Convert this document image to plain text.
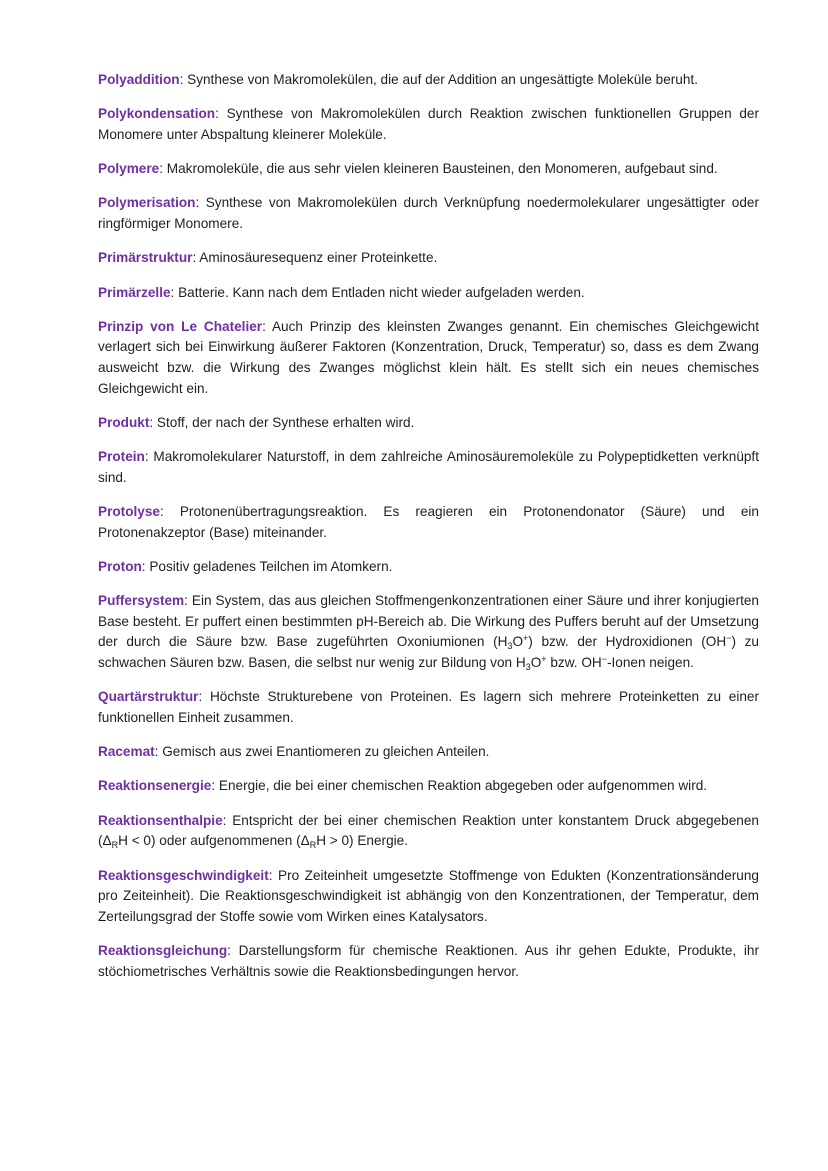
Polyaddition: Synthese von Makromolekülen, die auf der Addition an ungesättigte Moleküle beruht.

Polykondensation: Synthese von Makromolekülen durch Reaktion zwischen funktionellen Gruppen der Monomere unter Abspaltung kleinerer Moleküle.

Polymere: Makromoleküle, die aus sehr vielen kleineren Bausteinen, den Monomeren, aufgebaut sind.

Polymerisation: Synthese von Makromolekülen durch Verknüpfung noedermolekularer ungesättigter oder ringförmiger Monomere.

Primärstruktur: Aminosäuresequenz einer Proteinkette.

Primärzelle: Batterie. Kann nach dem Entladen nicht wieder aufgeladen werden.

Prinzip von Le Chatelier: Auch Prinzip des kleinsten Zwanges genannt. Ein chemisches Gleichgewicht verlagert sich bei Einwirkung äußerer Faktoren (Konzentration, Druck, Temperatur) so, dass es dem Zwang ausweicht bzw. die Wirkung des Zwanges möglichst klein hält. Es stellt sich ein neues chemisches Gleichgewicht ein.

Produkt: Stoff, der nach der Synthese erhalten wird.

Protein: Makromolekularer Naturstoff, in dem zahlreiche Aminosäuremoleküle zu Polypeptidketten verknüpft sind.

Protolyse: Protonenübertragungsreaktion. Es reagieren ein Protonendonator (Säure) und ein Protonenakzeptor (Base) miteinander.

Proton: Positiv geladenes Teilchen im Atomkern.

Puffersystem: Ein System, das aus gleichen Stoffmengenkonzentrationen einer Säure und ihrer konjugierten Base besteht. Er puffert einen bestimmten pH-Bereich ab. Die Wirkung des Puffers beruht auf der Umsetzung der durch die Säure bzw. Base zugeführten Oxoniumionen $(H_3O^+)$ bzw. der Hydroxidionen (OH−) zu schwachen Säuren bzw. Basen, die selbst nur wenig zur Bildung von $H_3O^+$ bzw. OH−-Ionen neigen.

Quartärstruktur: Höchste Strukturebene von Proteinen. Es lagern sich mehrere Proteinketten zu einer funktionellen Einheit zusammen.

Racemat: Gemisch aus zwei Enantiomeren zu gleichen Anteilen.

Reaktionsenergie: Energie, die bei einer chemischen Reaktion abgegeben oder aufgenommen wird.

Reaktionsenthalpie: Entspricht der bei einer chemischen Reaktion unter konstantem Druck abgegebenen $(\Delta_RH < 0)$ oder aufgenommenen $(\Delta_RH > 0)$ Energie.

Reaktionsgeschwindigkeit: Pro Zeiteinheit umgesetzte Stoffmenge von Edukten (Konzentrationsänderung pro Zeiteinheit). Die Reaktionsgeschwindigkeit ist abhängig von den Konzentrationen, der Temperatur, dem Zerteilungsgrad der Stoffe sowie vom Wirken eines Katalysators.

Reaktionsgleichung: Darstellungsform für chemische Reaktionen. Aus ihr gehen Edukte, Produkte, ihr stöchiometrisches Verhältnis sowie die Reaktionsbedingungen hervor.
